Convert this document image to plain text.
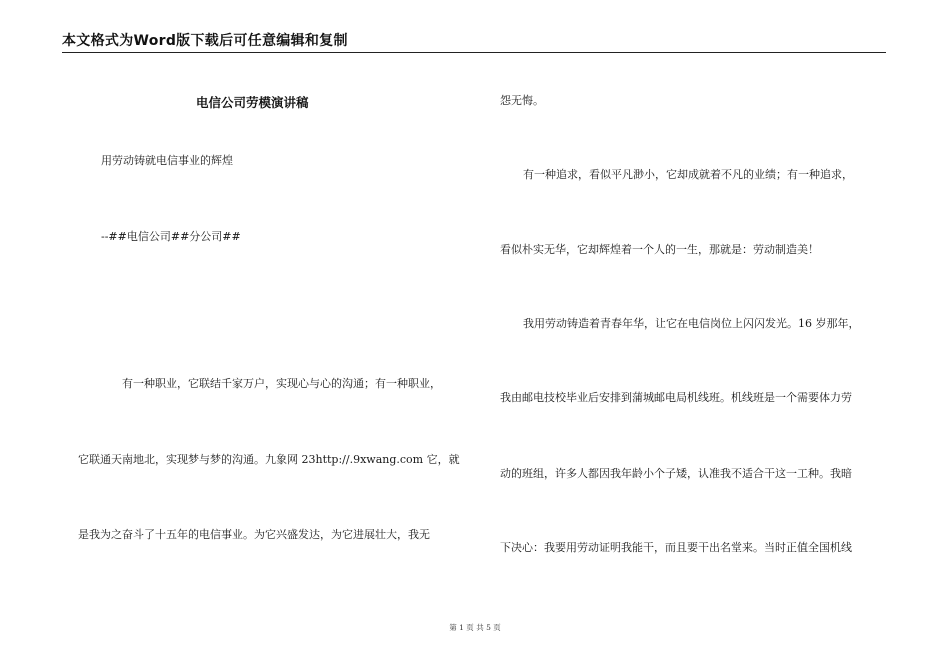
本文格式为Word版下载后可任意编辑和复制
电信公司劳模演讲稿
用劳动铸就电信事业的辉煌
--##电信公司##分公司##
有一种职业，它联结千家万户，实现心与心的沟通；有一种职业，
它联通天南地北，实现梦与梦的沟通。九象网 23http://.9xwang.com 它，就
是我为之奋斗了十五年的电信事业。为它兴盛发达，为它进展壮大，我无
怨无悔。
有一种追求，看似平凡渺小，它却成就着不凡的业绩；有一种追求，
看似朴实无华，它却辉煌着一个人的一生，那就是：劳动制造美！
我用劳动铸造着青春年华，让它在电信岗位上闪闪发光。16 岁那年，
我由邮电技校毕业后安排到蒲城邮电局机线班。机线班是一个需要体力劳
动的班组，许多人都因我年龄小个子矮，认准我不适合干这一工种。我暗
下决心：我要用劳动证明我能干，而且要干出名堂来。当时正值全国机线
第 1 页 共 5 页
